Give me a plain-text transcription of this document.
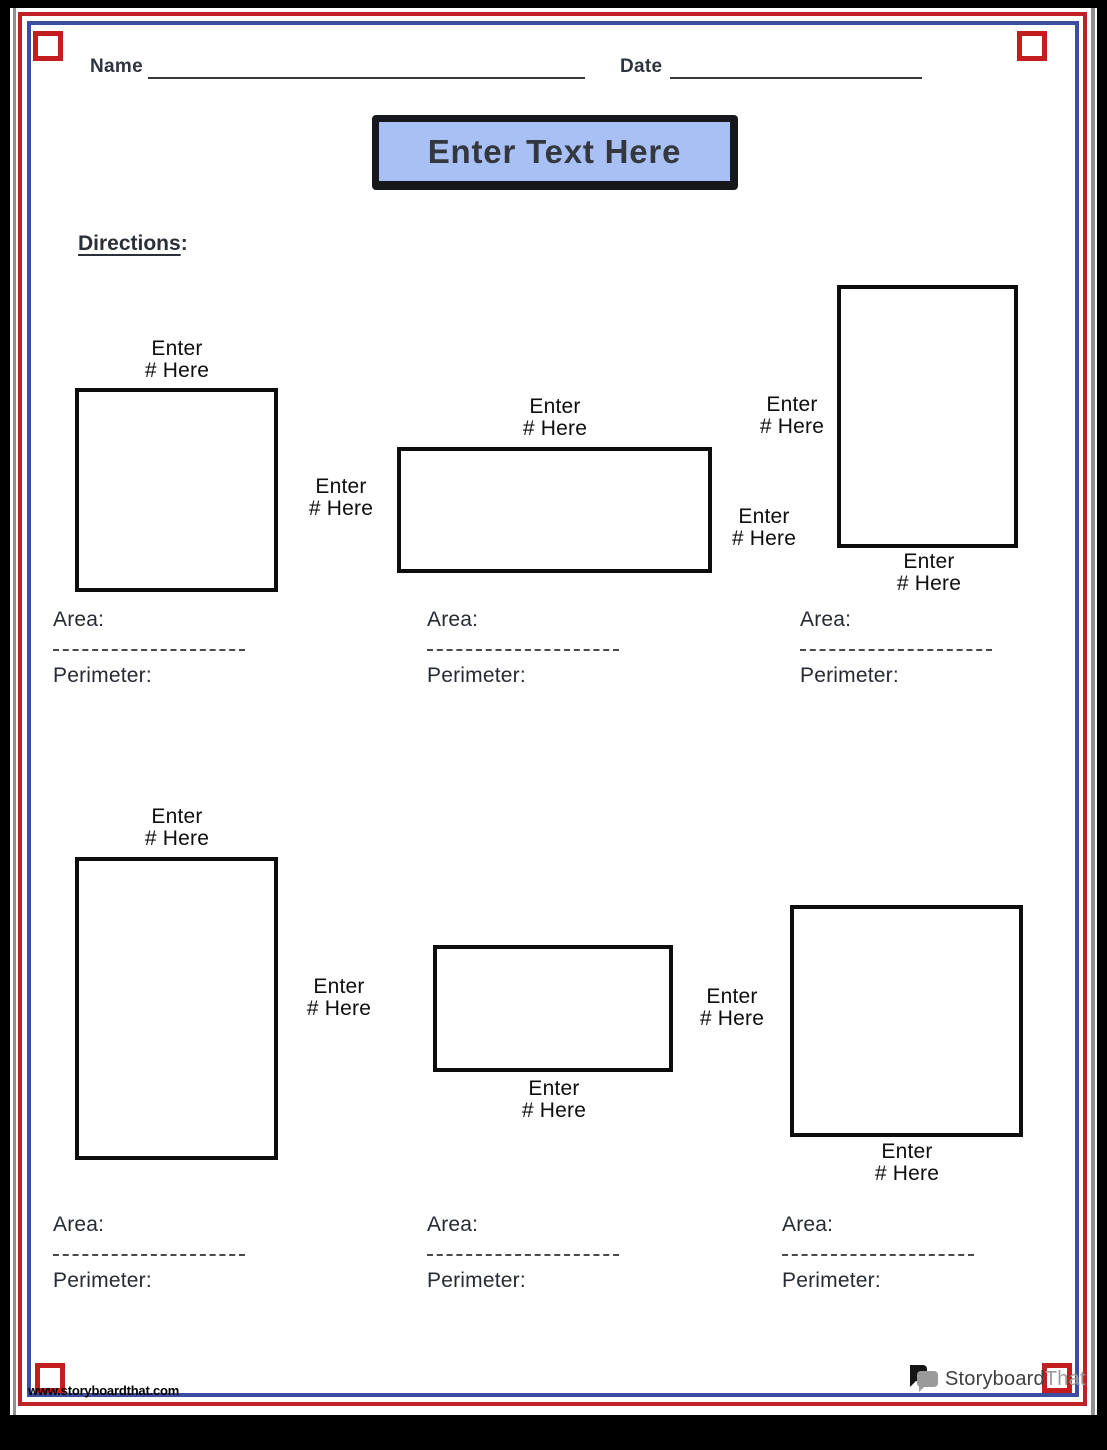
Name	Date
Enter Text Here
Directions:
Enter
# Here
Enter
# Here
Enter
# Here
Enter
# Here
Enter
# Here
Enter
# Here
Enter
# Here
Enter
# Here
Enter
# Here
Enter
# Here
Enter
# Here
Area:
Perimeter:
Area:
Perimeter:
Area:
Perimeter:
Area:
Perimeter:
Area:
Perimeter:
Area:
Perimeter:
www.storyboardthat.com
StoryboardThat
